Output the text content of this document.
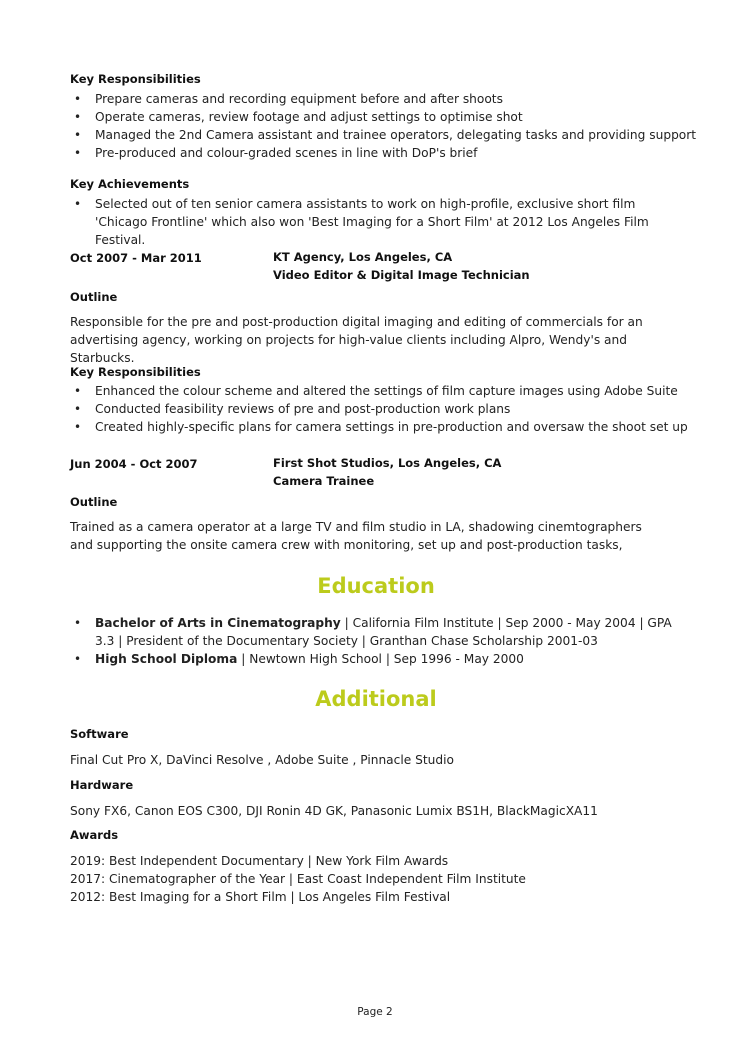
Key Responsibilities
• Prepare cameras and recording equipment before and after shoots
• Operate cameras, review footage and adjust settings to optimise shot
• Managed the 2nd Camera assistant and trainee operators, delegating tasks and providing support
• Pre-produced and colour-graded scenes in line with DoP's brief
Key Achievements
• Selected out of ten senior camera assistants to work on high-profile, exclusive short film 'Chicago Frontline' which also won 'Best Imaging for a Short Film' at 2012 Los Angeles Film Festival.
Oct 2007 - Mar 2011	KT Agency, Los Angeles, CA
Video Editor & Digital Image Technician
Outline
Responsible for the pre and post-production digital imaging and editing of commercials for an advertising agency, working on projects for high-value clients including Alpro, Wendy's and Starbucks.
Key Responsibilities
• Enhanced the colour scheme and altered the settings of film capture images using Adobe Suite
• Conducted feasibility reviews of pre and post-production work plans
• Created highly-specific plans for camera settings in pre-production and oversaw the shoot set up
Jun 2004 - Oct 2007	First Shot Studios, Los Angeles, CA
Camera Trainee
Outline
Trained as a camera operator at a large TV and film studio in LA, shadowing cinemtographers and supporting the onsite camera crew with monitoring, set up and post-production tasks,
Education
• Bachelor of Arts in Cinematography | California Film Institute | Sep 2000 - May 2004 | GPA 3.3 | President of the Documentary Society | Granthan Chase Scholarship 2001-03
• High School Diploma | Newtown High School | Sep 1996 - May 2000
Additional
Software
Final Cut Pro X, DaVinci Resolve , Adobe Suite , Pinnacle Studio
Hardware
Sony FX6, Canon EOS C300, DJI Ronin 4D GK, Panasonic Lumix BS1H, BlackMagicXA11
Awards
2019: Best Independent Documentary | New York Film Awards
2017: Cinematographer of the Year | East Coast Independent Film Institute
2012: Best Imaging for a Short Film | Los Angeles Film Festival
Page 2
